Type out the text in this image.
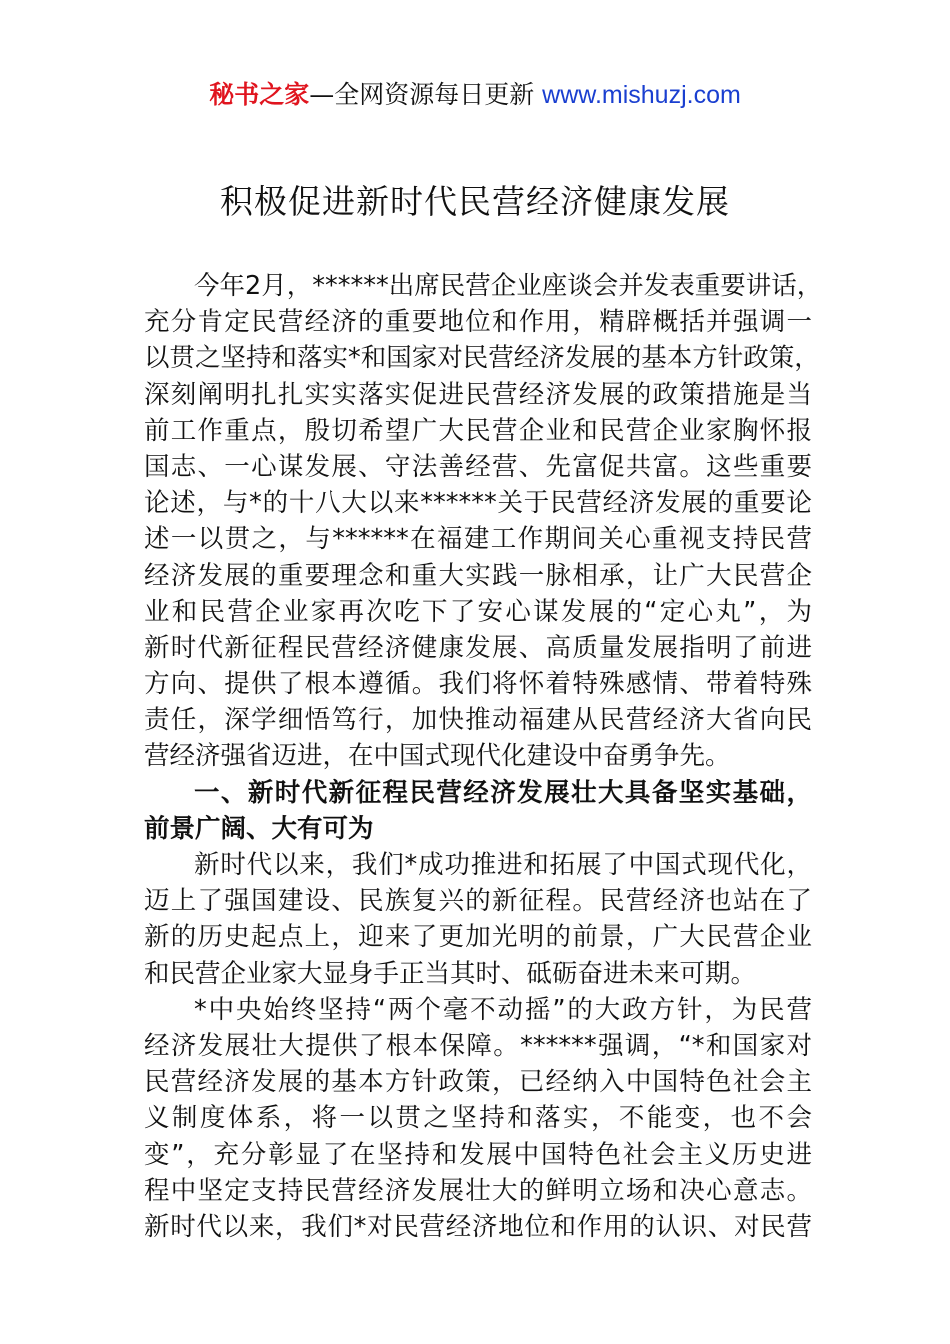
秘书之家—全网资源每日更新 www.mishuzj.com
积极促进新时代民营经济健康发展
今年2月，******出席民营企业座谈会并发表重要讲话，
充分肯定民营经济的重要地位和作用，精辟概括并强调一
以贯之坚持和落实*和国家对民营经济发展的基本方针政策，
深刻阐明扎扎实实落实促进民营经济发展的政策措施是当
前工作重点，殷切希望广大民营企业和民营企业家胸怀报
国志、一心谋发展、守法善经营、先富促共富。这些重要
论述，与*的十八大以来******关于民营经济发展的重要论
述一以贯之，与******在福建工作期间关心重视支持民营
经济发展的重要理念和重大实践一脉相承，让广大民营企
业和民营企业家再次吃下了安心谋发展的“定心丸”，为
新时代新征程民营经济健康发展、高质量发展指明了前进
方向、提供了根本遵循。我们将怀着特殊感情、带着特殊
责任，深学细悟笃行，加快推动福建从民营经济大省向民
营经济强省迈进，在中国式现代化建设中奋勇争先。
一、新时代新征程民营经济发展壮大具备坚实基础，
前景广阔、大有可为
新时代以来，我们*成功推进和拓展了中国式现代化，
迈上了强国建设、民族复兴的新征程。民营经济也站在了
新的历史起点上，迎来了更加光明的前景，广大民营企业
和民营企业家大显身手正当其时、砥砺奋进未来可期。
*中央始终坚持“两个毫不动摇”的大政方针，为民营
经济发展壮大提供了根本保障。******强调，“*和国家对
民营经济发展的基本方针政策，已经纳入中国特色社会主
义制度体系，将一以贯之坚持和落实，不能变，也不会
变”，充分彰显了在坚持和发展中国特色社会主义历史进
程中坚定支持民营经济发展壮大的鲜明立场和决心意志。
新时代以来，我们*对民营经济地位和作用的认识、对民营
